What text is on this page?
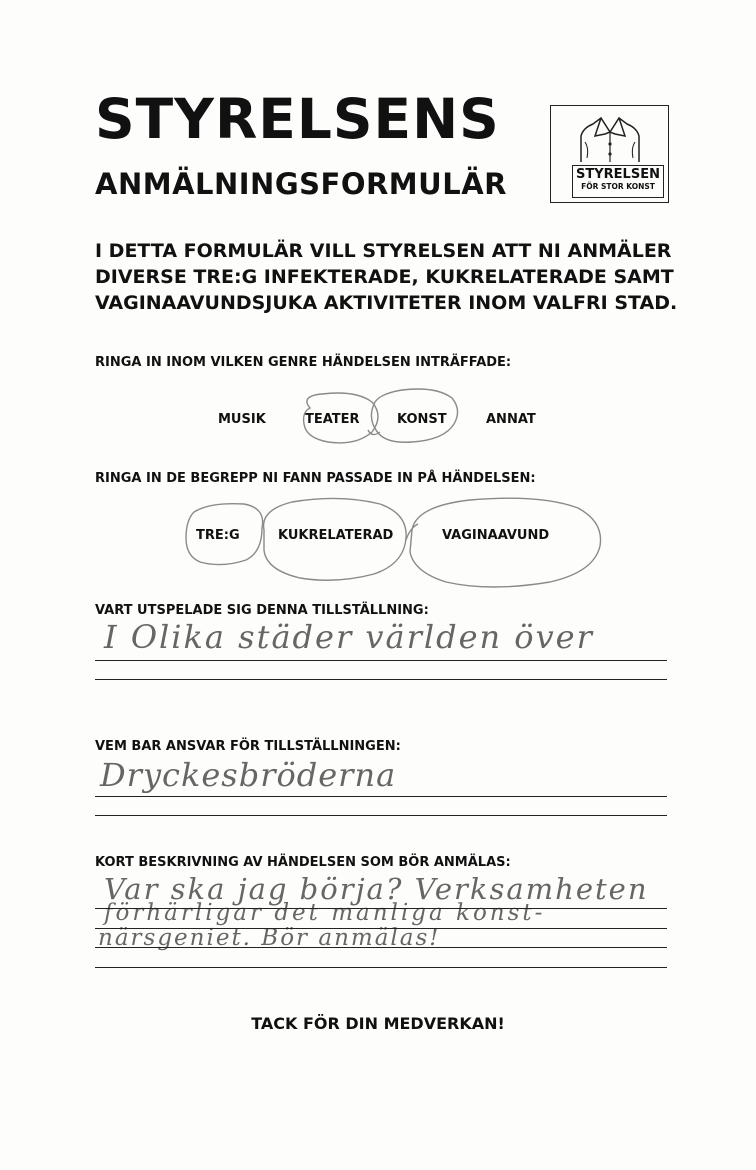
STYRELSENS
ANMÄLNINGSFORMULÄR	STYRELSEN
FÖR STOR KONST
I DETTA FORMULÄR VILL STYRELSEN ATT NI ANMÄLER
DIVERSE TRE:G INFEKTERADE, KUKRELATERADE SAMT
VAGINAAVUNDSJUKA AKTIVITETER INOM VALFRI STAD.
RINGA IN INOM VILKEN GENRE HÄNDELSEN INTRÄFFADE:
MUSIK	TEATER	KONST	ANNAT
RINGA IN DE BEGREPP NI FANN PASSADE IN PÅ HÄNDELSEN:
TRE:G	KUKRELATERAD	VAGINAAVUND
VART UTSPELADE SIG DENNA TILLSTÄLLNING:
I Olika städer världen över
VEM BAR ANSVAR FÖR TILLSTÄLLNINGEN:
Dryckesbröderna
KORT BESKRIVNING AV HÄNDELSEN SOM BÖR ANMÄLAS:
Var ska jag börja? Verksamheten
förhärligar det manliga konst-
närsgeniet. Bör anmälas!
TACK FÖR DIN MEDVERKAN!
